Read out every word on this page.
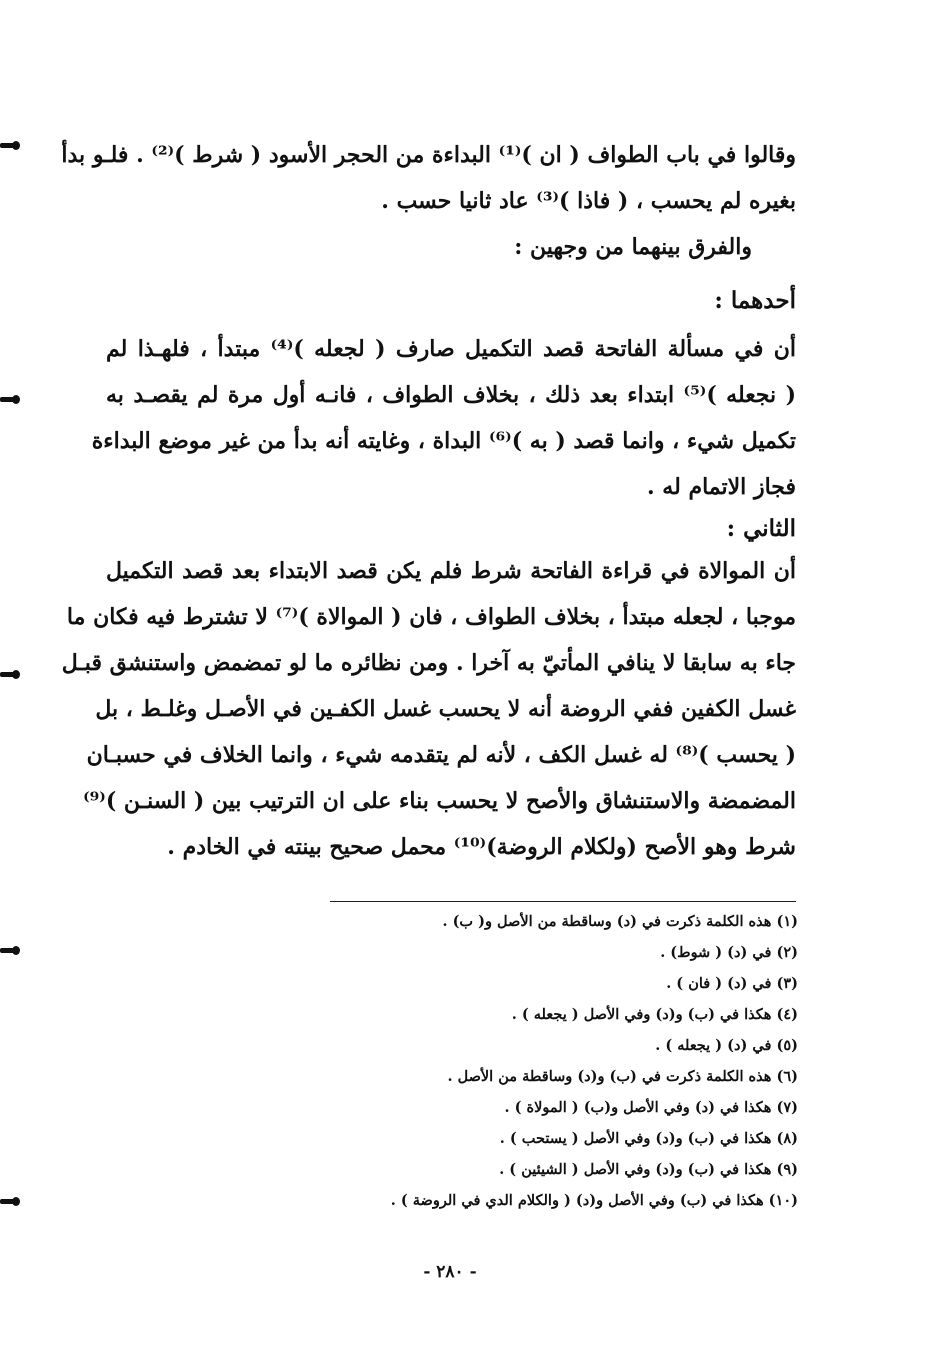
وقالوا في باب الطواف ( ان )⁽¹⁾ البداءة من الحجر الأسود ( شرط )⁽²⁾ . فلـو بدأ
بغيره لم يحسب ، ( فاذا )⁽³⁾ عاد ثانيا حسب .
والفرق بينهما من وجهين :
أحدهما :
أن في مسألة الفاتحة قصد التكميل صارف ( لجعله )⁽⁴⁾ مبتدأ ، فلهـذا لم
( نجعله )⁽⁵⁾ ابتداء بعد ذلك ، بخلاف الطواف ، فانـه أول مرة لم يقصـد به
تكميل شيء ، وانما قصد ( به )⁽⁶⁾ البداة ، وغايته أنه بدأ من غير موضع البداءة
فجاز الاتمام له .
الثاني :
أن الموالاة في قراءة الفاتحة شرط فلم يكن قصد الابتداء بعد قصد التكميل
موجبا ، لجعله مبتدأ ، بخلاف الطواف ، فان ( الموالاة )⁽⁷⁾ لا تشترط فيه فكان ما
جاء به سابقا لا ينافي المأتيّ به آخرا . ومن نظائره ما لو تمضمض واستنشق قبـل
غسل الكفين ففي الروضة أنه لا يحسب غسل الكفـين في الأصـل وغلـط ، بل
( يحسب )⁽⁸⁾ له غسل الكف ، لأنه لم يتقدمه شيء ، وانما الخلاف في حسبـان
المضمضة والاستنشاق والأصح لا يحسب بناء على ان الترتيب بين ( السنـن )⁽⁹⁾
شرط وهو الأصح (ولكلام الروضة)⁽¹⁰⁾ محمل صحيح بينته في الخادم .
(١) هذه الكلمة ذكرت في (د) وساقطة من الأصل و( ب) .
(٢) في (د) ( شوط) .
(٣) في (د) ( فان ) .
(٤) هكذا في (ب) و(د) وفي الأصل ( يجعله ) .
(٥) في (د) ( يجعله ) .
(٦) هذه الكلمة ذكرت في (ب) و(د) وساقطة من الأصل .
(٧) هكذا في (د) وفي الأصل و(ب) ( المولاة ) .
(٨) هكذا في (ب) و(د) وفي الأصل ( يستحب ) .
(٩) هكذا في (ب) و(د) وفي الأصل ( الشيئين ) .
(١٠) هكذا في (ب) وفي الأصل و(د) ( والكلام الدي في الروضة ) .
- ٢٨٠ -
